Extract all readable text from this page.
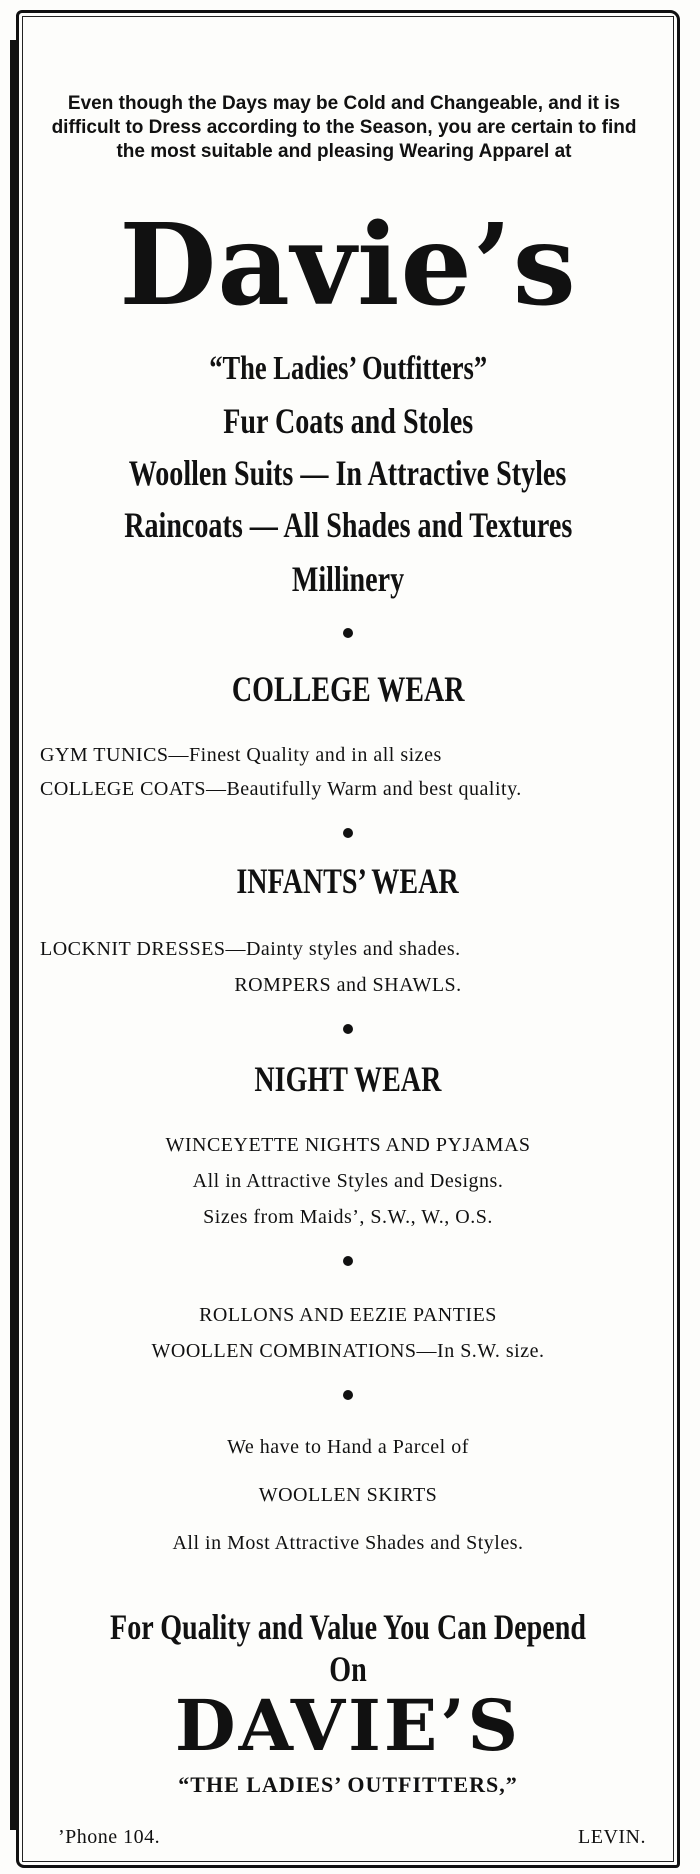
Even though the Days may be Cold and Changeable, and it is difficult to Dress according to the Season, you are certain to find the most suitable and pleasing Wearing Apparel at
Davie’s
“The Ladies’ Outfitters”
Fur Coats and Stoles
Woollen Suits — In Attractive Styles
Raincoats — All Shades and Textures
Millinery
COLLEGE WEAR
GYM TUNICS—Finest Quality and in all sizes
COLLEGE COATS—Beautifully Warm and best quality.
INFANTS’ WEAR
LOCKNIT DRESSES—Dainty styles and shades.
ROMPERS and SHAWLS.
NIGHT WEAR
WINCEYETTE NIGHTS AND PYJAMAS
All in Attractive Styles and Designs.
Sizes from Maids’, S.W., W., O.S.
ROLLONS AND EEZIE PANTIES
WOOLLEN COMBINATIONS—In S.W. size.
We have to Hand a Parcel of
WOOLLEN SKIRTS
All in Most Attractive Shades and Styles.
For Quality and Value You Can Depend On
DAVIE’S
“THE LADIES’ OUTFITTERS,”
’Phone 104.	LEVIN.
